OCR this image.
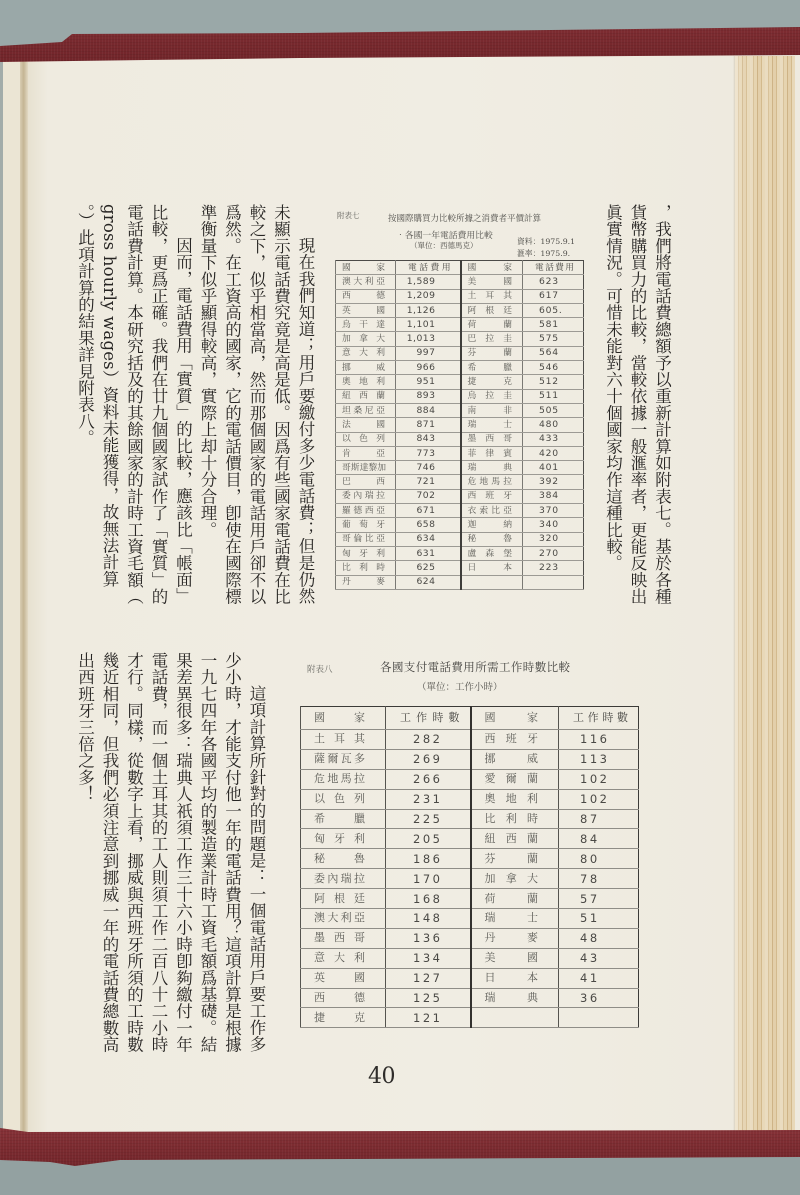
，我們將電話費總額予以重新計算如附表七。基於各種
貨幣購買力的比較，當較依據一般滙率者，更能反映出
眞實情況。可惜未能對六十個國家均作這種比較。
現在我們知道；用戶要繳付多少電話費；但是仍然
未顯示電話費究竟是高是低。因爲有些國家電話費在比
較之下，似乎相當高，然而那個國家的電話用戶卻不以
爲然。在工資高的國家，它的電話價目，卽使在國際標
準衡量下似乎顯得較高，實際上却十分合理。
因而，電話費用「實質」的比較，應該比「帳面」
比較，更爲正確。我們在廿九個國家試作了「實質」的
電話費計算。本研究括及的其餘國家的計時工資毛額（
gross hourly wages）資料未能獲得，故無法計算
。）此項計算的結果詳見附表八。
這項計算所針對的問題是：一個電話用戶要工作多
少小時，才能支付他一年的電話費用？這項計算是根據
一九七四年各國平均的製造業計時工資毛額爲基礎。結
果差異很多：瑞典人祇須工作三十六小時卽夠繳付一年
電話費，而一個土耳其的工人則須工作二百八十二小時
才行。同樣，從數字上看，挪威與西班牙所須的工時數
幾近相同，但我們必須注意到挪威一年的電話費總數高
出西班牙三倍之多！
附表七	按國際購買力比較所據之消費者平價計算
‧各國一年電話費用比較
（單位：西德馬克）	資料：1975.9.1
滙率：1975.9.
國家	電話費用	國家	電話費用
澳大利亞	1,589	美國	623
西德	1,209	土耳其	617
英國	1,126	阿根廷	605.
烏干達	1,101	荷蘭	581
加拿大	1,013	巴拉圭	575
意大利	997	芬蘭	564
挪威	966	希臘	546
奧地利	951	捷克	512
紐西蘭	893	烏拉圭	511
坦桑尼亞	884	南非	505
法國	871	瑞士	480
以色列	843	墨西哥	433
肯亞	773	菲律賓	420
哥斯達黎加	746	瑞典	401
巴西	721	危地馬拉	392
委內瑞拉	702	西班牙	384
羅德西亞	671	衣索比亞	370
葡萄牙	658	迦納	340
哥倫比亞	634	秘魯	320
匈牙利	631	盧森堡	270
比利時	625	日本	223
丹麥	624		
附表八	各國支付電話費用所需工作時數比較
（單位：工作小時）
國家	工作時數	國家	工作時數
土耳其	282	西班牙	116
薩爾瓦多	269	挪威	113
危地馬拉	266	愛爾蘭	102
以色列	231	奧地利	102
希臘	225	比利時	87
匈牙利	205	紐西蘭	84
秘魯	186	芬蘭	80
委內瑞拉	170	加拿大	78
阿根廷	168	荷蘭	57
澳大利亞	148	瑞士	51
墨西哥	136	丹麥	48
意大利	134	美國	43
英國	127	日本	41
西德	125	瑞典	36
捷克	121		
40
